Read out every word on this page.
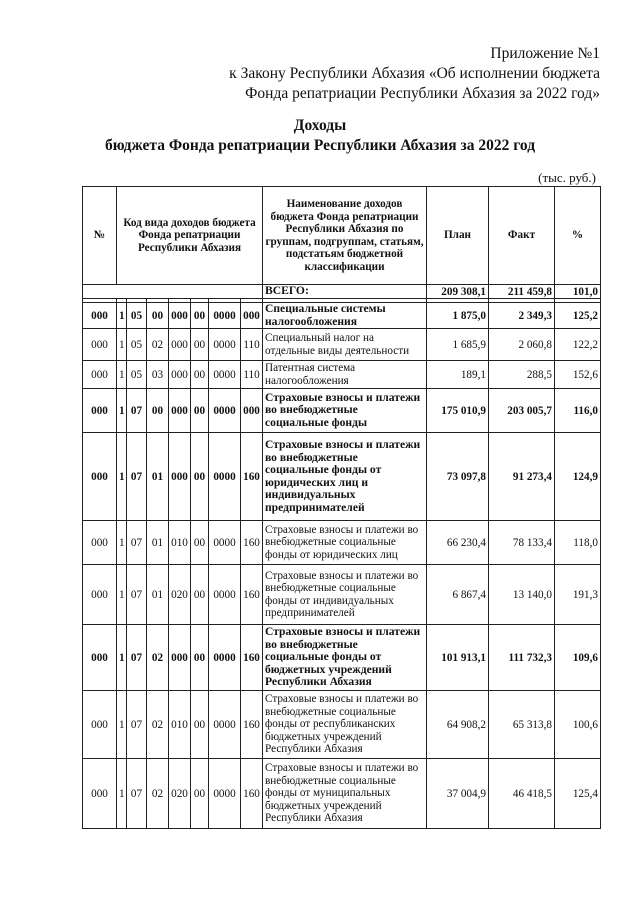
Приложение №1
к Закону Республики Абхазия «Об исполнении бюджета
Фонда репатриации Республики Абхазия за 2022 год»
Доходы
бюджета Фонда репатриации Республики Абхазия за 2022 год
(тыс. руб.)
№	Код вида доходов бюджета Фонда репатриации Республики Абхазия							Наименование доходов бюджета Фонда репатриации Республики Абхазия по группам, подгруппам, статьям, подстатьям бюджетной классификации	План	Факт	%
								ВСЕГО:	209 308,1	211 459,8	101,0

000	1	05	00	000	00	0000	000	Специальные системы налогообложения	1 875,0	2 349,3	125,2
000	1	05	02	000	00	0000	110	Специальный налог на отдельные виды деятельности	1 685,9	2 060,8	122,2
000	1	05	03	000	00	0000	110	Патентная система налогообложения	189,1	288,5	152,6
000	1	07	00	000	00	0000	000	Страховые взносы и платежи во внебюджетные социальные фонды	175 010,9	203 005,7	116,0
000	1	07	01	000	00	0000	160	Страховые взносы и платежи во внебюджетные социальные фонды от юридических лиц и индивидуальных предпринимателей	73 097,8	91 273,4	124,9
000	1	07	01	010	00	0000	160	Страховые взносы и платежи во внебюджетные социальные фонды от юридических лиц	66 230,4	78 133,4	118,0
000	1	07	01	020	00	0000	160	Страховые взносы и платежи во внебюджетные социальные фонды от индивидуальных предпринимателей	6 867,4	13 140,0	191,3
000	1	07	02	000	00	0000	160	Страховые взносы и платежи во внебюджетные социальные фонды от бюджетных учреждений Республики Абхазия	101 913,1	111 732,3	109,6
000	1	07	02	010	00	0000	160	Страховые взносы и платежи во внебюджетные социальные фонды от республиканских бюджетных учреждений Республики Абхазия	64 908,2	65 313,8	100,6
000	1	07	02	020	00	0000	160	Страховые взносы и платежи во внебюджетные социальные фонды от муниципальных бюджетных учреждений Республики Абхазия	37 004,9	46 418,5	125,4
